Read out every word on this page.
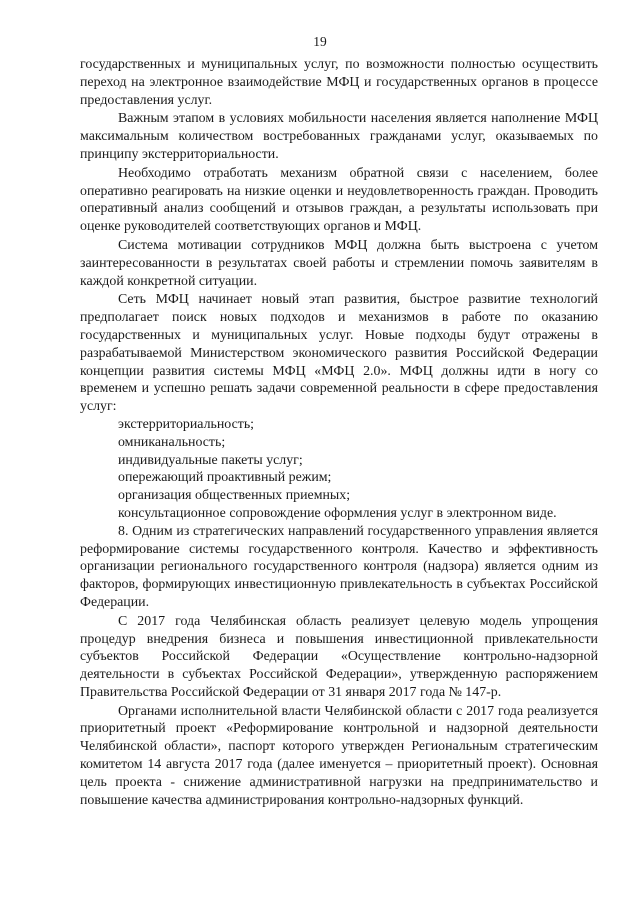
19

государственных и муниципальных услуг, по возможности полностью осуществить переход на электронное взаимодействие МФЦ и государственных органов в процессе предоставления услуг.

Важным этапом в условиях мобильности населения является наполнение МФЦ максимальным количеством востребованных гражданами услуг, оказываемых по принципу экстерриториальности.

Необходимо отработать механизм обратной связи с населением, более оперативно реагировать на низкие оценки и неудовлетворенность граждан. Проводить оперативный анализ сообщений и отзывов граждан, а результаты использовать при оценке руководителей соответствующих органов и МФЦ.

Система мотивации сотрудников МФЦ должна быть выстроена с учетом заинтересованности в результатах своей работы и стремлении помочь заявителям в каждой конкретной ситуации.

Сеть МФЦ начинает новый этап развития, быстрое развитие технологий предполагает поиск новых подходов и механизмов в работе по оказанию государственных и муниципальных услуг. Новые подходы будут отражены в разрабатываемой Министерством экономического развития Российской Федерации концепции развития системы МФЦ «МФЦ 2.0». МФЦ должны идти в ногу со временем и успешно решать задачи современной реальности в сфере предоставления услуг:

экстерриториальность;

омниканальность;

индивидуальные пакеты услуг;

опережающий проактивный режим;

организация общественных приемных;

консультационное сопровождение оформления услуг в электронном виде.

8. Одним из стратегических направлений государственного управления является реформирование системы государственного контроля. Качество и эффективность организации регионального государственного контроля (надзора) является одним из факторов, формирующих инвестиционную привлекательность в субъектах Российской Федерации.

С 2017 года Челябинская область реализует целевую модель упрощения процедур внедрения бизнеса и повышения инвестиционной привлекательности субъектов Российской Федерации «Осуществление контрольно-надзорной деятельности в субъектах Российской Федерации», утвержденную распоряжением Правительства Российской Федерации от 31 января 2017 года № 147-р.

Органами исполнительной власти Челябинской области с 2017 года реализуется приоритетный проект «Реформирование контрольной и надзорной деятельности Челябинской области», паспорт которого утвержден Региональным стратегическим комитетом 14 августа 2017 года (далее именуется – приоритетный проект). Основная цель проекта - снижение административной нагрузки на предпринимательство и повышение качества администрирования контрольно-надзорных функций.
